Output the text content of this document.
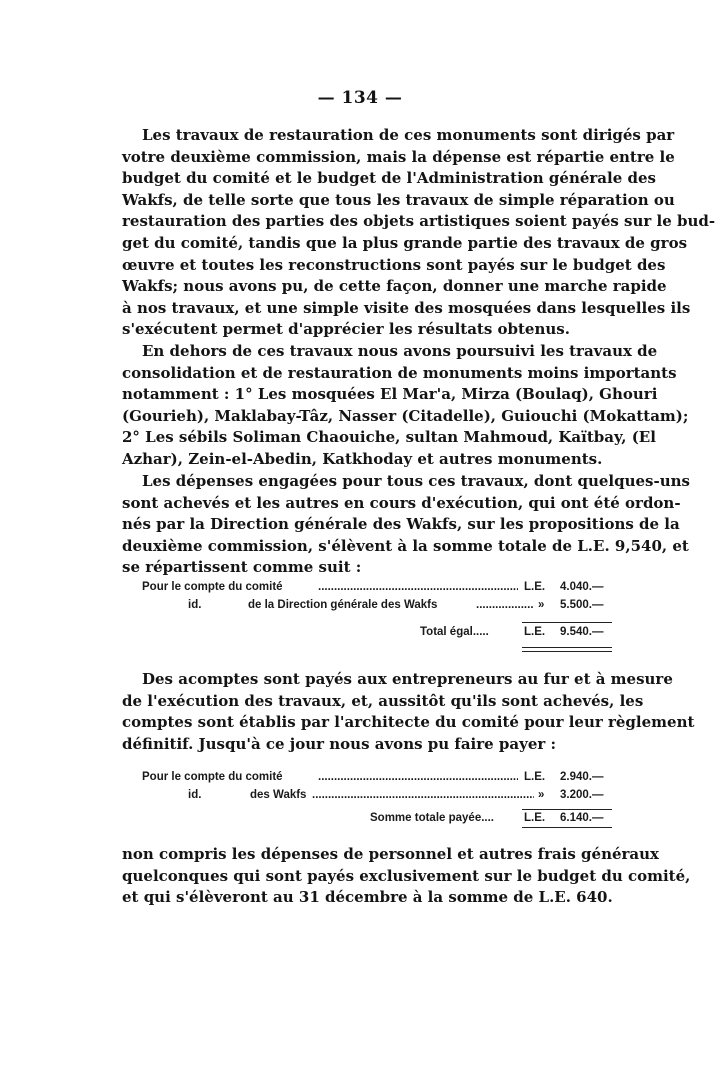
— 134 —
Les travaux de restauration de ces monuments sont dirigés par
votre deuxième commission, mais la dépense est répartie entre le
budget du comité et le budget de l'Administration générale des
Wakfs, de telle sorte que tous les travaux de simple réparation ou
restauration des parties des objets artistiques soient payés sur le bud-
get du comité, tandis que la plus grande partie des travaux de gros
œuvre et toutes les reconstructions sont payés sur le budget des
Wakfs; nous avons pu, de cette façon, donner une marche rapide
à nos travaux, et une simple visite des mosquées dans lesquelles ils
s'exécutent permet d'apprécier les résultats obtenus.
En dehors de ces travaux nous avons poursuivi les travaux de
consolidation et de restauration de monuments moins importants
notamment : 1° Les mosquées El Mar'a, Mirza (Boulaq), Ghouri
(Gourieh), Maklabay-Tâz, Nasser (Citadelle), Guiouchi (Mokattam);
2° Les sébils Soliman Chaouiche, sultan Mahmoud, Kaïtbay, (El
Azhar), Zein-el-Abedin, Katkhoday et autres monuments.
Les dépenses engagées pour tous ces travaux, dont quelques-uns
sont achevés et les autres en cours d'exécution, qui ont été ordon-
nés par la Direction générale des Wakfs, sur les propositions de la
deuxième commission, s'élèvent à la somme totale de L.E. 9,540, et
se répartissent comme suit :
Pour le compte du comité .....	L.E. 4.040.—
id.	de la Direction générale des Wakfs .....	» 5.500.—
Total égal.....	L.E. 9.540.—
Des acomptes sont payés aux entrepreneurs au fur et à mesure
de l'exécution des travaux, et, aussitôt qu'ils sont achevés, les
comptes sont établis par l'architecte du comité pour leur règlement
définitif. Jusqu'à ce jour nous avons pu faire payer :
Pour le compte du comité .....	L.E. 2.940.—
id.	des Wakfs .....	» 3.200.—
Somme totale payée....	L.E. 6.140.—
non compris les dépenses de personnel et autres frais généraux
quelconques qui sont payés exclusivement sur le budget du comité,
et qui s'élèveront au 31 décembre à la somme de L.E. 640.
